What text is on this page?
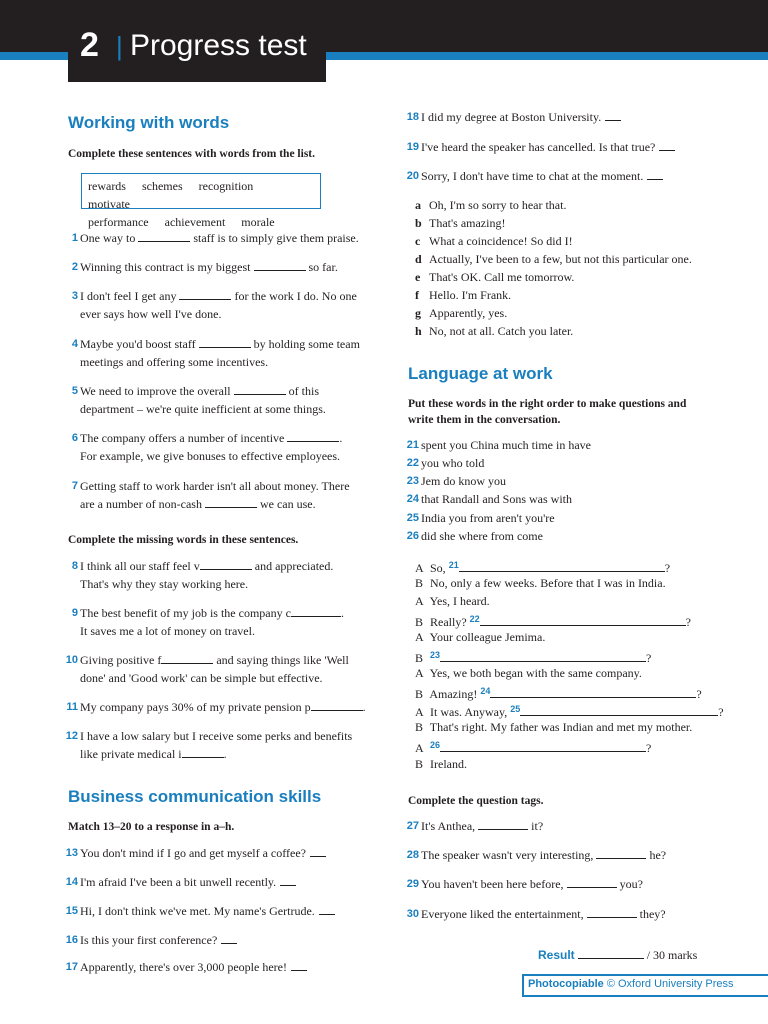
2 | Progress test
Working with words
Complete these sentences with words from the list.
rewards schemes recognition motivate
performance achievement morale
1 One way to	staff is to simply give them praise.
2 Winning this contract is my biggest	so far.
3 I don't feel I get any	for the work I do. No one
ever says how well I've done.
4 Maybe you'd boost staff	by holding some team
meetings and offering some incentives.
5 We need to improve the overall	of this
department – we're quite inefficient at some things.
6 The company offers a number of incentive	.
For example, we give bonuses to effective employees.
7 Getting staff to work harder isn't all about money. There
are a number of non-cash	we can use.
Complete the missing words in these sentences.
8 I think all our staff feel v	and appreciated.
That's why they stay working here.
9 The best benefit of my job is the company c	.
It saves me a lot of money on travel.
10 Giving positive f	and saying things like 'Well
done' and 'Good work' can be simple but effective.
11 My company pays 30% of my private pension p	.
12 I have a low salary but I receive some perks and benefits
like private medical i	.
Business communication skills
Match 13–20 to a response in a–h.
13 You don't mind if I go and get myself a coffee?
14 I'm afraid I've been a bit unwell recently.
15 Hi, I don't think we've met. My name's Gertrude.
16 Is this your first conference?
17 Apparently, there's over 3,000 people here!
18 I did my degree at Boston University.
19 I've heard the speaker has cancelled. Is that true?
20 Sorry, I don't have time to chat at the moment.
a Oh, I'm so sorry to hear that.
b That's amazing!
c What a coincidence! So did I!
d Actually, I've been to a few, but not this particular one.
e That's OK. Call me tomorrow.
f Hello. I'm Frank.
g Apparently, yes.
h No, not at all. Catch you later.
Language at work
Put these words in the right order to make questions and
write them in the conversation.
21 spent you China much time in have
22 you who told
23 Jem do know you
24 that Randall and Sons was with
25 India you from aren't you're
26 did she where from come
A So, $^{21}$	?
B No, only a few weeks. Before that I was in India.
A Yes, I heard.
B Really? $^{22}$	?
A Your colleague Jemima.
B $^{23}$	?
A Yes, we both began with the same company.
B Amazing! $^{24}$	?
A It was. Anyway, $^{25}$	?
B That's right. My father was Indian and met my mother.
A $^{26}$	?
B Ireland.
Complete the question tags.
27 It's Anthea,	it?
28 The speaker wasn't very interesting,	he?
29 You haven't been here before,	you?
30 Everyone liked the entertainment,	they?
Result	/ 30 marks
Photocopiable © Oxford University Press
